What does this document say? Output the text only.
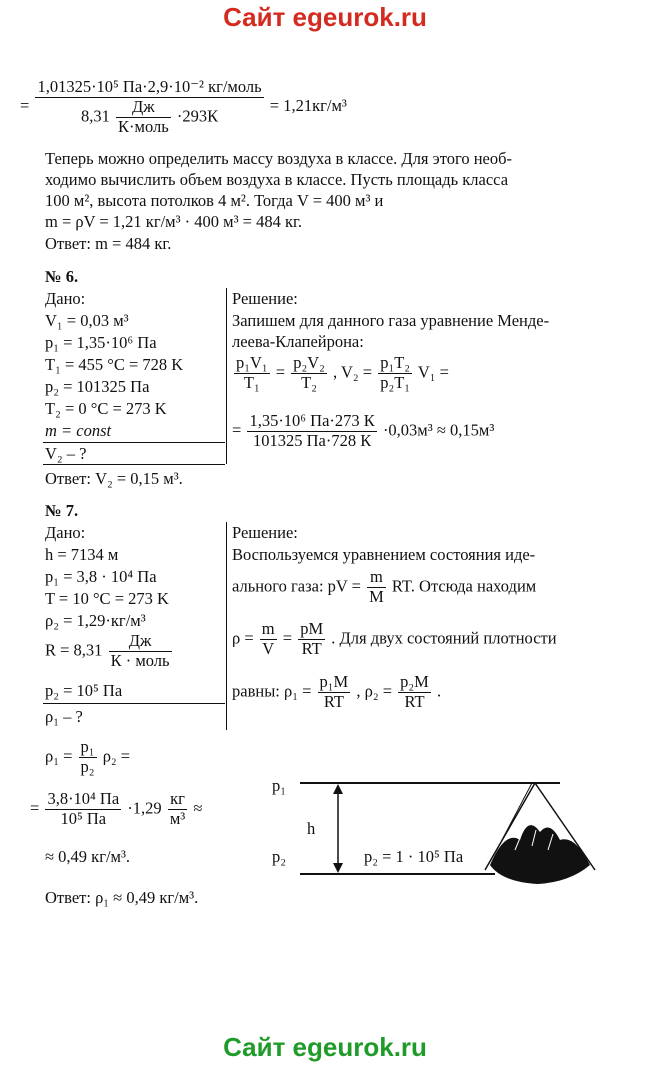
Сайт egeurok.ru
= $\frac{\text{1,01325·10⁵ Па·2,9·10⁻² кг/моль}}{8,31 \frac{Дж}{\text{К·моль}} \cdot 293К} = 1,21кг/м^3$
Теперь можно определить массу воздуха в классе. Для этого необ-
ходимо вычислить объем воздуха в классе. Пусть площадь класса
100 м², высота потолков 4 м². Тогда V = 400 м³ и
m = ρV = 1,21 кг/м³ · 400 м³ = 484 кг.
Ответ: m = 484 кг.
№ 6.
Дано:
V₁ = 0,03 м³
p₁ = 1,35·10⁶ Па
T₁ = 455 °C = 728 K
p₂ = 101325 Па
T₂ = 0 °C = 273 K
m = const
V₂ – ?
Ответ: V₂ = 0,15 м³.
Решение:
Запишем для данного газа уравнение Менде-
леева-Клапейрона:
$\frac{\text{p₁V₁}}{\text{T₁}} = \frac{\text{p₂V₂}}{\text{T₂}}$ , $V_2 = \frac{\text{p₁T₂}}{\text{p₂T₁}} V_1$ =
= $\frac{\text{1,35·10⁶ Па·273 К}}{101325 Па\cdot 728 К} \cdot 0,03м^3 \approx 0,15м^3$
№ 7.
Дано:
h = 7134 м
p₁ = 3,8 · 10⁴ Па
T = 10 °C = 273 K
ρ₂ = 1,29·кг/м³
$R = 8,31 \frac{Дж}{\text{К · моль}}$
p₂ = 10⁵ Па
ρ₁ – ?
Решение:
Воспользуемся уравнением состояния иде-
ального газа: pV = $\frac{m}{M}$ RT. Отсюда находим
$\rho = \frac{m}{V} = \frac{pM}{RT}$ . Для двух состояний плотности
равны: $\rho_1 = \frac{\text{p₁M}}{RT}$ , $\rho_2 = \frac{\text{p₂M}}{RT}$ .
$\rho_1 = \frac{\text{p₁}}{\text{p₂}} \rho_2$ =
= $\frac{\text{3,8·10⁴ Па}}{\text{10⁵ Па}} \cdot 1,29 \frac{кг}{\text{м³}}$ ≈
≈ 0,49 кг/м³.
Ответ: ρ₁ ≈ 0,49 кг/м³.
p₁
p₂
h
p₂ = 1 · 10⁵ Па
Сайт egeurok.ru
